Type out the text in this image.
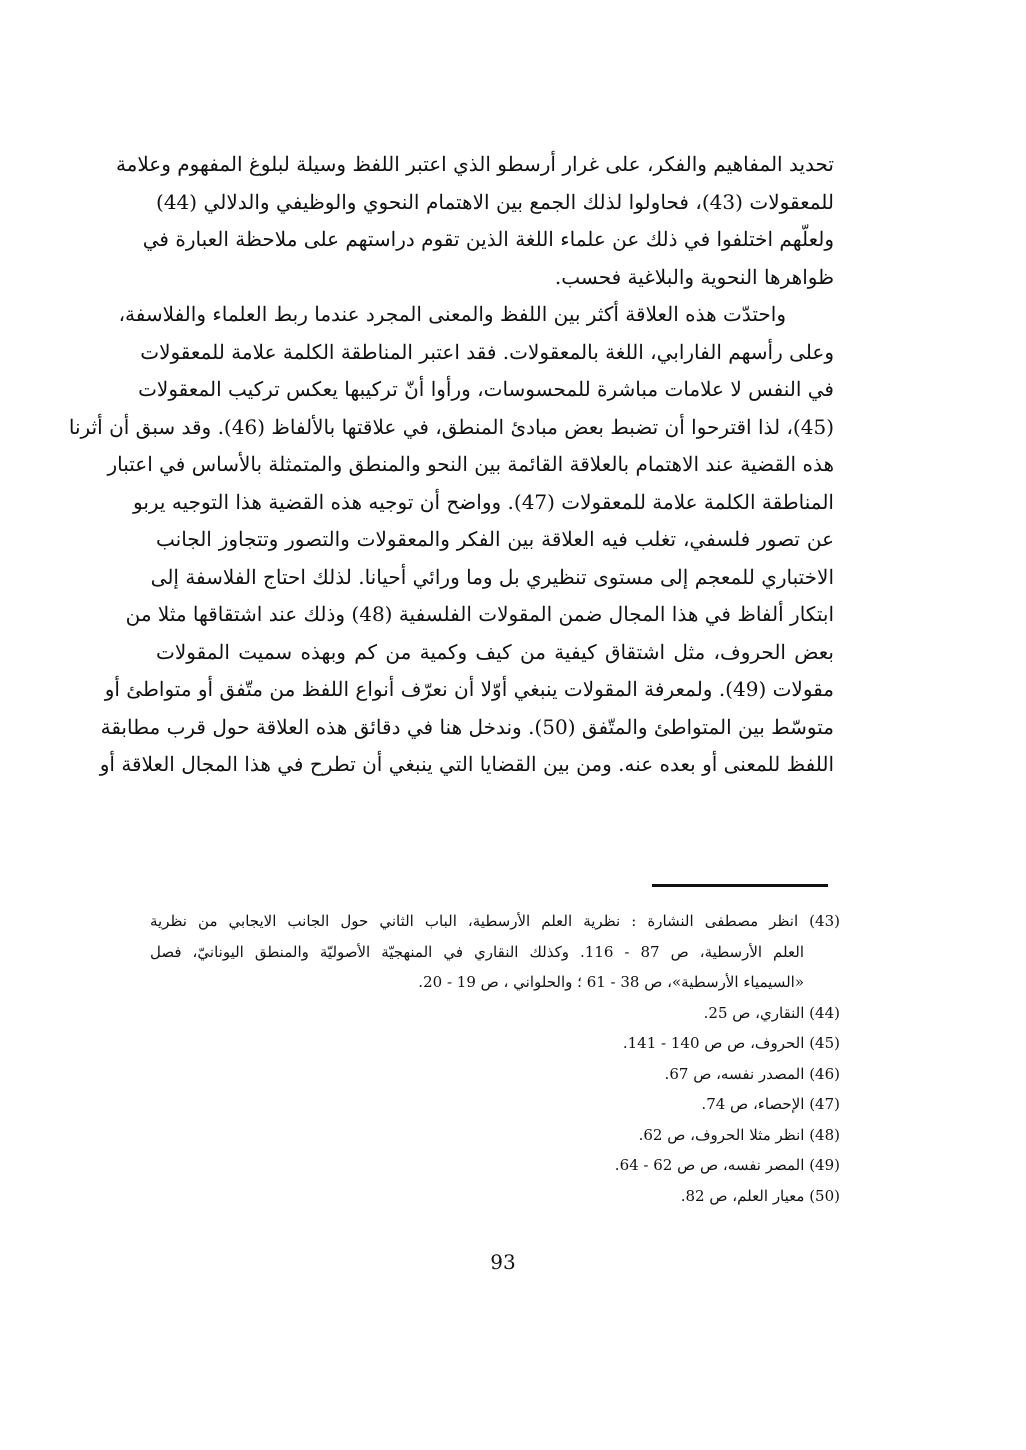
تحديد المفاهيم والفكر، على غرار أرسطو الذي اعتبر اللفظ وسيلة لبلوغ المفهوم وعلامة
للمعقولات (43)، فحاولوا لذلك الجمع بين الاهتمام النحوي والوظيفي والدلالي (44)
ولعلّهم اختلفوا في ذلك عن علماء اللغة الذين تقوم دراستهم على ملاحظة العبارة في
ظواهرها النحوية والبلاغية فحسب.
واحتدّت هذه العلاقة أكثر بين اللفظ والمعنى المجرد عندما ربط العلماء والفلاسفة،
وعلى رأسهم الفارابي، اللغة بالمعقولات. فقد اعتبر المناطقة الكلمة علامة للمعقولات
في النفس لا علامات مباشرة للمحسوسات، ورأوا أنّ تركيبها يعكس تركيب المعقولات
(45)، لذا اقترحوا أن تضبط بعض مبادئ المنطق، في علاقتها بالألفاظ (46). وقد سبق أن أثرنا
هذه القضية عند الاهتمام بالعلاقة القائمة بين النحو والمنطق والمتمثلة بالأساس في اعتبار
المناطقة الكلمة علامة للمعقولات (47). وواضح أن توجيه هذه القضية هذا التوجيه يربو
عن تصور فلسفي، تغلب فيه العلاقة بين الفكر والمعقولات والتصور وتتجاوز الجانب
الاختباري للمعجم إلى مستوى تنظيري بل وما ورائي أحيانا. لذلك احتاج الفلاسفة إلى
ابتكار ألفاظ في هذا المجال ضمن المقولات الفلسفية (48) وذلك عند اشتقاقها مثلا من
بعض الحروف، مثل اشتقاق كيفية من كيف وكمية من كم وبهذه سميت المقولات
مقولات (49). ولمعرفة المقولات ينبغي أوّلا أن نعرّف أنواع اللفظ من متّفق أو متواطئ أو
متوسّط بين المتواطئ والمتّفق (50). وندخل هنا في دقائق هذه العلاقة حول قرب مطابقة
اللفظ للمعنى أو بعده عنه. ومن بين القضايا التي ينبغي أن تطرح في هذا المجال العلاقة أو
(43) انظر مصطفى النشارة : نظرية العلم الأرسطية، الباب الثاني حول الجانب الايجابي من نظرية
العلم الأرسطية، ص 87 - 116. وكذلك النقاري في المنهجيّة الأصوليّة والمنطق اليونانيّ، فصل
«السيمياء الأرسطية»، ص 38 - 61 ؛ والحلواني ، ص 19 - 20.
(44) النقاري، ص 25.
(45) الحروف، ص ص 140 - 141.
(46) المصدر نفسه، ص 67.
(47) الإحصاء، ص 74.
(48) انظر مثلا الحروف، ص 62.
(49) المصر نفسه، ص ص 62 - 64.
(50) معيار العلم، ص 82.
93
